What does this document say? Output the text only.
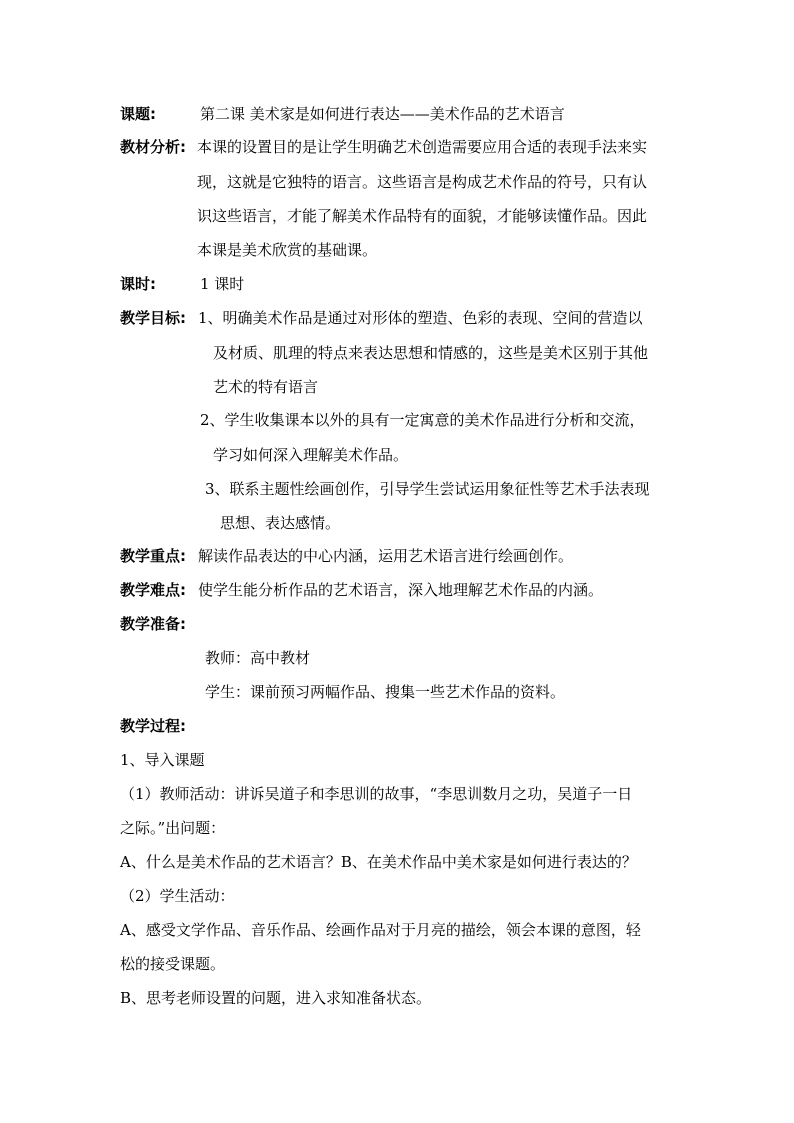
课题:	第二课 美术家是如何进行表达——美术作品的艺术语言
教材分析: 本课的设置目的是让学生明确艺术创造需要应用合适的表现手法来实
现，这就是它独特的语言。这些语言是构成艺术作品的符号，只有认
识这些语言，才能了解美术作品特有的面貌，才能够读懂作品。因此
本课是美术欣赏的基础课。
课时:	1 课时
教学目标: 1、明确美术作品是通过对形体的塑造、色彩的表现、空间的营造以
及材质、肌理的特点来表达思想和情感的，这些是美术区别于其他
艺术的特有语言
2、学生收集课本以外的具有一定寓意的美术作品进行分析和交流，
学习如何深入理解美术作品。
3、联系主题性绘画创作，引导学生尝试运用象征性等艺术手法表现
思想、表达感情。
教学重点: 解读作品表达的中心内涵，运用艺术语言进行绘画创作。
教学难点: 使学生能分析作品的艺术语言，深入地理解艺术作品的内涵。
教学准备:
教师：高中教材
学生：课前预习两幅作品、搜集一些艺术作品的资料。
教学过程:
1、导入课题
（1）教师活动：讲诉吴道子和李思训的故事，“李思训数月之功，吴道子一日
之际。”出问题：
A、什么是美术作品的艺术语言？B、在美术作品中美术家是如何进行表达的？
（2）学生活动：
A、感受文学作品、音乐作品、绘画作品对于月亮的描绘，领会本课的意图，轻
松的接受课题。
B、思考老师设置的问题，进入求知准备状态。
